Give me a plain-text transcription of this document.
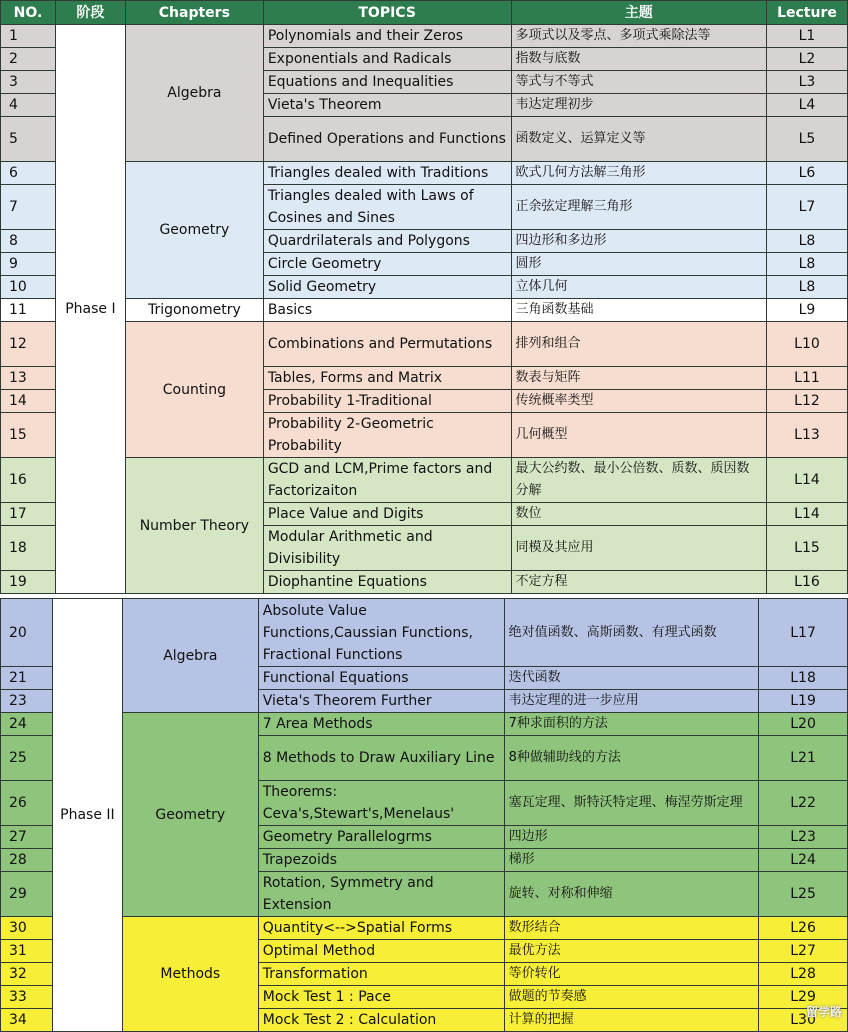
NO.	阶段	Chapters	TOPICS	主题	Lecture
1	Phase I	Algebra	Polynomials and their Zeros	多项式以及零点、多项式乘除法等	L1
2			Exponentials and Radicals	指数与底数	L2
3			Equations and Inequalities	等式与不等式	L3
4			Vieta's Theorem	韦达定理初步	L4
5			Defined Operations and Functions	函数定义、运算定义等	L5
6		Geometry	Triangles dealed with Traditions	欧式几何方法解三角形	L6
7			Triangles dealed with Laws of Cosines and Sines	正余弦定理解三角形	L7
8			Quardrilaterals and Polygons	四边形和多边形	L8
9			Circle Geometry	圆形	L8
10			Solid Geometry	立体几何	L8
11		Trigonometry	Basics	三角函数基础	L9
12		Counting	Combinations and Permutations	排列和组合	L10
13			Tables, Forms and Matrix	数表与矩阵	L11
14			Probability 1-Traditional	传统概率类型	L12
15			Probability 2-Geometric Probability	几何概型	L13
16		Number Theory	GCD and LCM,Prime factors and Factorizaiton	最大公约数、最小公倍数、质数、质因数分解	L14
17			Place Value and Digits	数位	L14
18			Modular Arithmetic and Divisibility	同模及其应用	L15
19			Diophantine Equations	不定方程	L16
20	Phase II	Algebra	Absolute Value Functions,Caussian Functions, Fractional Functions	绝对值函数、高斯函数、有理式函数	L17
21			Functional Equations	迭代函数	L18
23			Vieta's Theorem Further	韦达定理的进一步应用	L19
24		Geometry	7 Area Methods	7种求面积的方法	L20
25			8 Methods to Draw Auxiliary Line	8种做辅助线的方法	L21
26			Theorems: Ceva's,Stewart's,Menelaus'	塞瓦定理、斯特沃特定理、梅涅劳斯定理	L22
27			Geometry Parallelogrms	四边形	L23
28			Trapezoids	梯形	L24
29			Rotation, Symmetry and Extension	旋转、对称和伸缩	L25
30		Methods	Quantity<-->Spatial Forms	数形结合	L26
31			Optimal Method	最优方法	L27
32			Transformation	等价转化	L28
33			Mock Test 1 : Pace	做题的节奏感	L29
34			Mock Test 2 : Calculation	计算的把握	L30
留学路
